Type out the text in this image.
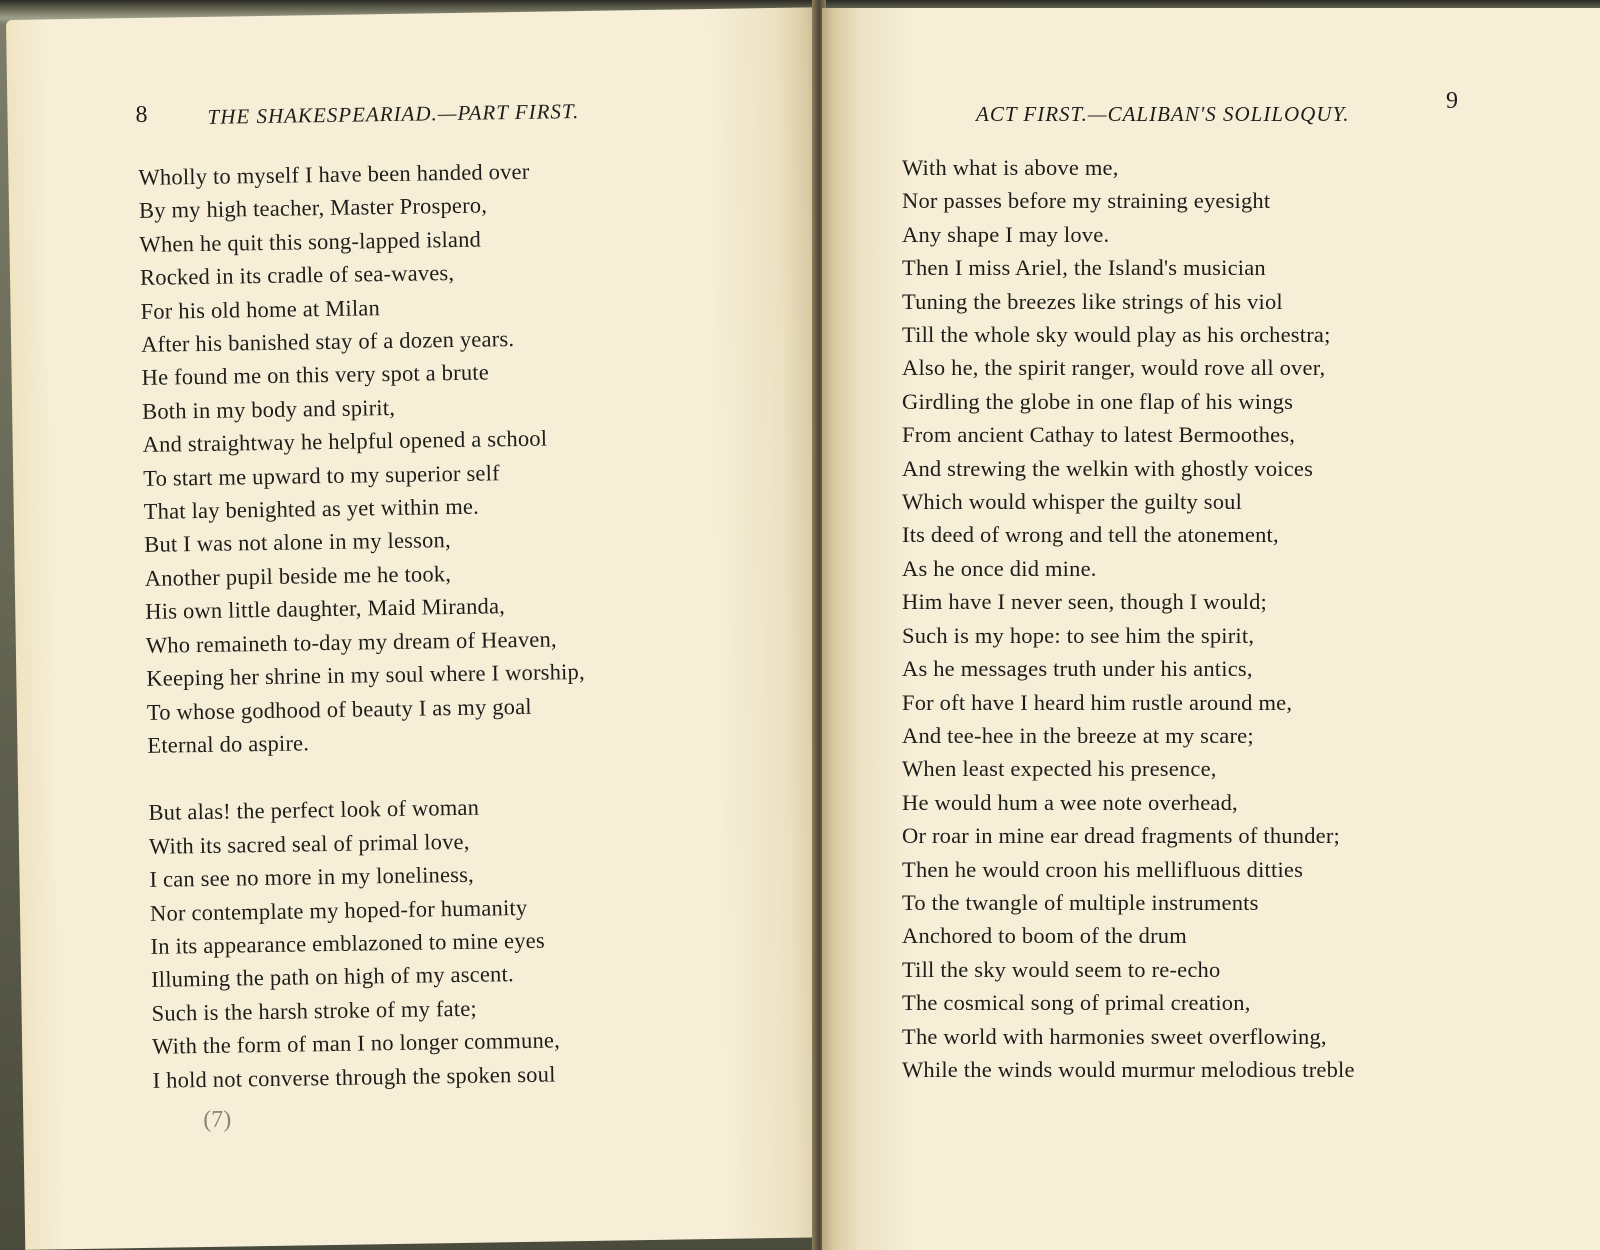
8	THE SHAKESPEARIAD.—PART FIRST.
Wholly to myself I have been handed over
By my high teacher, Master Prospero,
When he quit this song-lapped island
Rocked in its cradle of sea-waves,
For his old home at Milan
After his banished stay of a dozen years.
He found me on this very spot a brute
Both in my body and spirit,
And straightway he helpful opened a school
To start me upward to my superior self
That lay benighted as yet within me.
But I was not alone in my lesson,
Another pupil beside me he took,
His own little daughter, Maid Miranda,
Who remaineth to-day my dream of Heaven,
Keeping her shrine in my soul where I worship,
To whose godhood of beauty I as my goal
Eternal do aspire.
But alas! the perfect look of woman
With its sacred seal of primal love,
I can see no more in my loneliness,
Nor contemplate my hoped-for humanity
In its appearance emblazoned to mine eyes
Illuming the path on high of my ascent.
Such is the harsh stroke of my fate;
With the form of man I no longer commune,
I hold not converse through the spoken soul
(7)
ACT FIRST.—CALIBAN'S SOLILOQUY.	9
With what is above me,
Nor passes before my straining eyesight
Any shape I may love.
Then I miss Ariel, the Island's musician
Tuning the breezes like strings of his viol
Till the whole sky would play as his orchestra;
Also he, the spirit ranger, would rove all over,
Girdling the globe in one flap of his wings
From ancient Cathay to latest Bermoothes,
And strewing the welkin with ghostly voices
Which would whisper the guilty soul
Its deed of wrong and tell the atonement,
As he once did mine.
Him have I never seen, though I would;
Such is my hope: to see him the spirit,
As he messages truth under his antics,
For oft have I heard him rustle around me,
And tee-hee in the breeze at my scare;
When least expected his presence,
He would hum a wee note overhead,
Or roar in mine ear dread fragments of thunder;
Then he would croon his mellifluous ditties
To the twangle of multiple instruments
Anchored to boom of the drum
Till the sky would seem to re-echo
The cosmical song of primal creation,
The world with harmonies sweet overflowing,
While the winds would murmur melodious treble
